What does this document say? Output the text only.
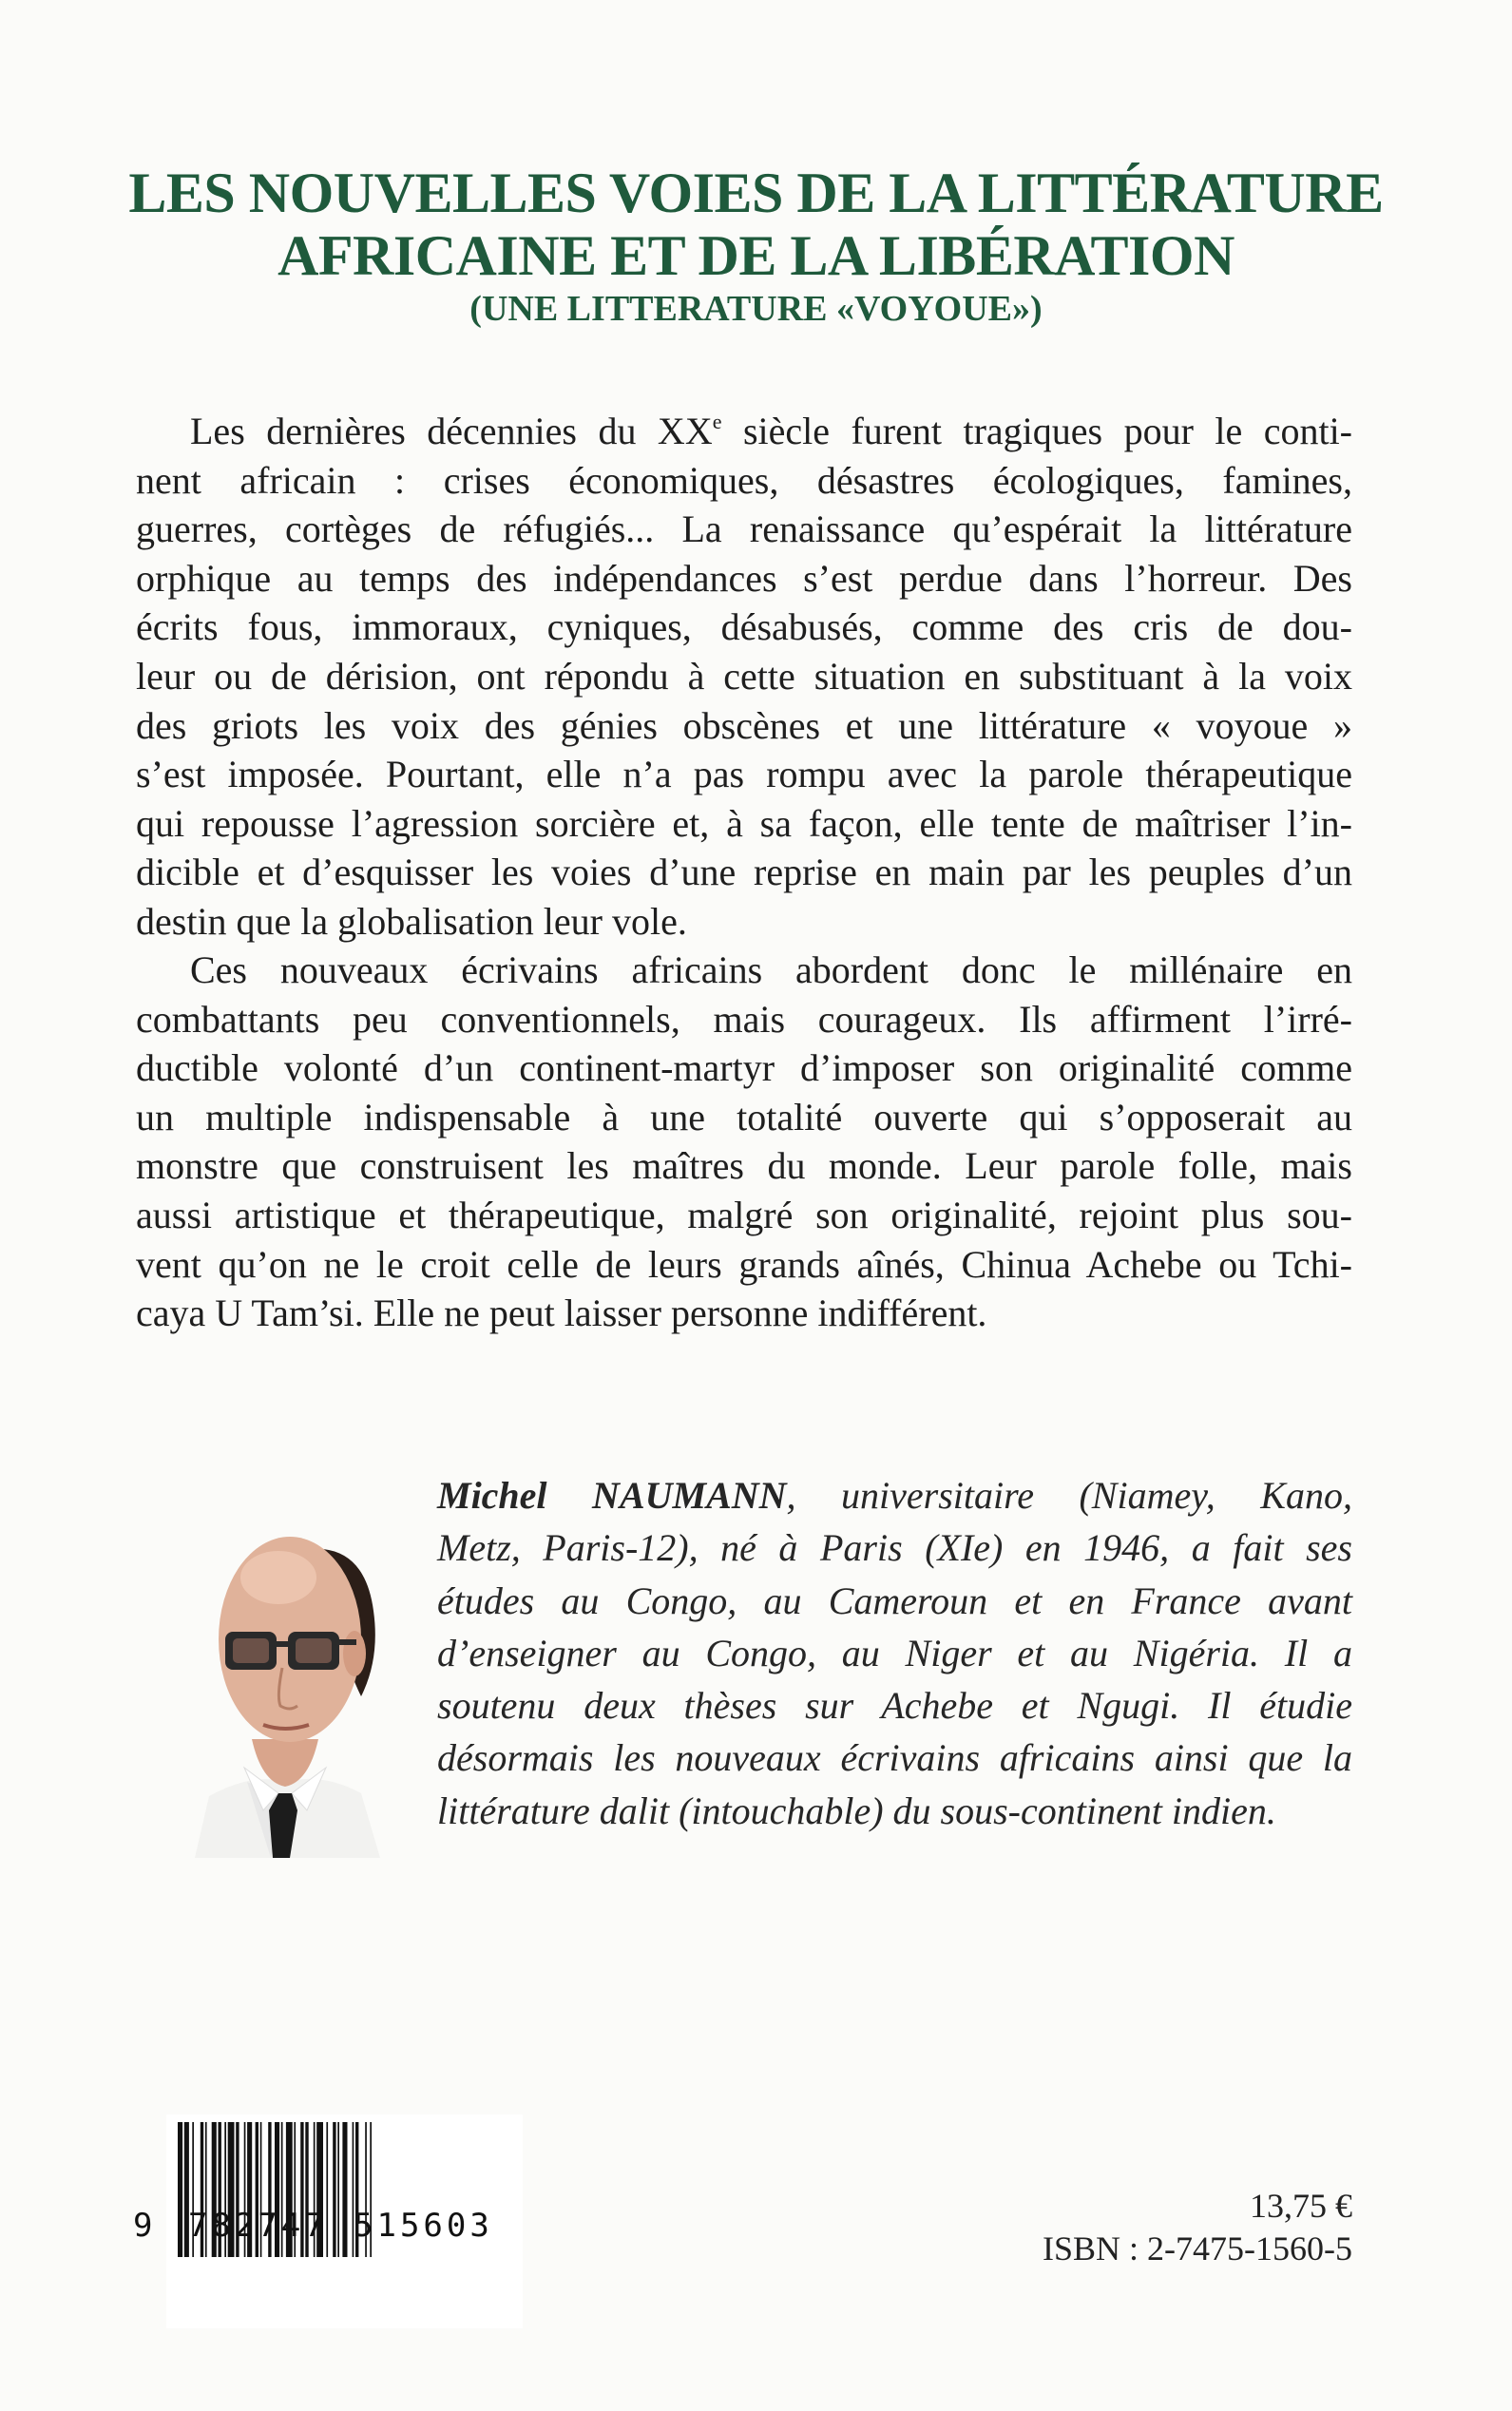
LES NOUVELLES VOIES DE LA LITTÉRATURE
AFRICAINE ET DE LA LIBÉRATION
(UNE LITTERATURE «VOYOUE»)
Les dernières décennies du XXe siècle furent tragiques pour le conti-
nent africain : crises économiques, désastres écologiques, famines,
guerres, cortèges de réfugiés... La renaissance qu’espérait la littérature
orphique au temps des indépendances s’est perdue dans l’horreur. Des
écrits fous, immoraux, cyniques, désabusés, comme des cris de dou-
leur ou de dérision, ont répondu à cette situation en substituant à la voix
des griots les voix des génies obscènes et une littérature « voyoue »
s’est imposée. Pourtant, elle n’a pas rompu avec la parole thérapeutique
qui repousse l’agression sorcière et, à sa façon, elle tente de maîtriser l’in-
dicible et d’esquisser les voies d’une reprise en main par les peuples d’un
destin que la globalisation leur vole.
Ces nouveaux écrivains africains abordent donc le millénaire en
combattants peu conventionnels, mais courageux. Ils affirment l’irré-
ductible volonté d’un continent-martyr d’imposer son originalité comme
un multiple indispensable à une totalité ouverte qui s’opposerait au
monstre que construisent les maîtres du monde. Leur parole folle, mais
aussi artistique et thérapeutique, malgré son originalité, rejoint plus sou-
vent qu’on ne le croit celle de leurs grands aînés, Chinua Achebe ou Tchi-
caya U Tam’si. Elle ne peut laisser personne indifférent.
Michel NAUMANN, universitaire (Niamey, Kano,
Metz, Paris-12), né à Paris (XIe) en 1946, a fait ses
études au Congo, au Cameroun et en France avant
d’enseigner au Congo, au Niger et au Nigéria. Il a
soutenu deux thèses sur Achebe et Ngugi. Il étudie
désormais les nouveaux écrivains africains ainsi que la
littérature dalit (intouchable) du sous-continent indien.
9 782747 515603
13,75 €
ISBN : 2-7475-1560-5
